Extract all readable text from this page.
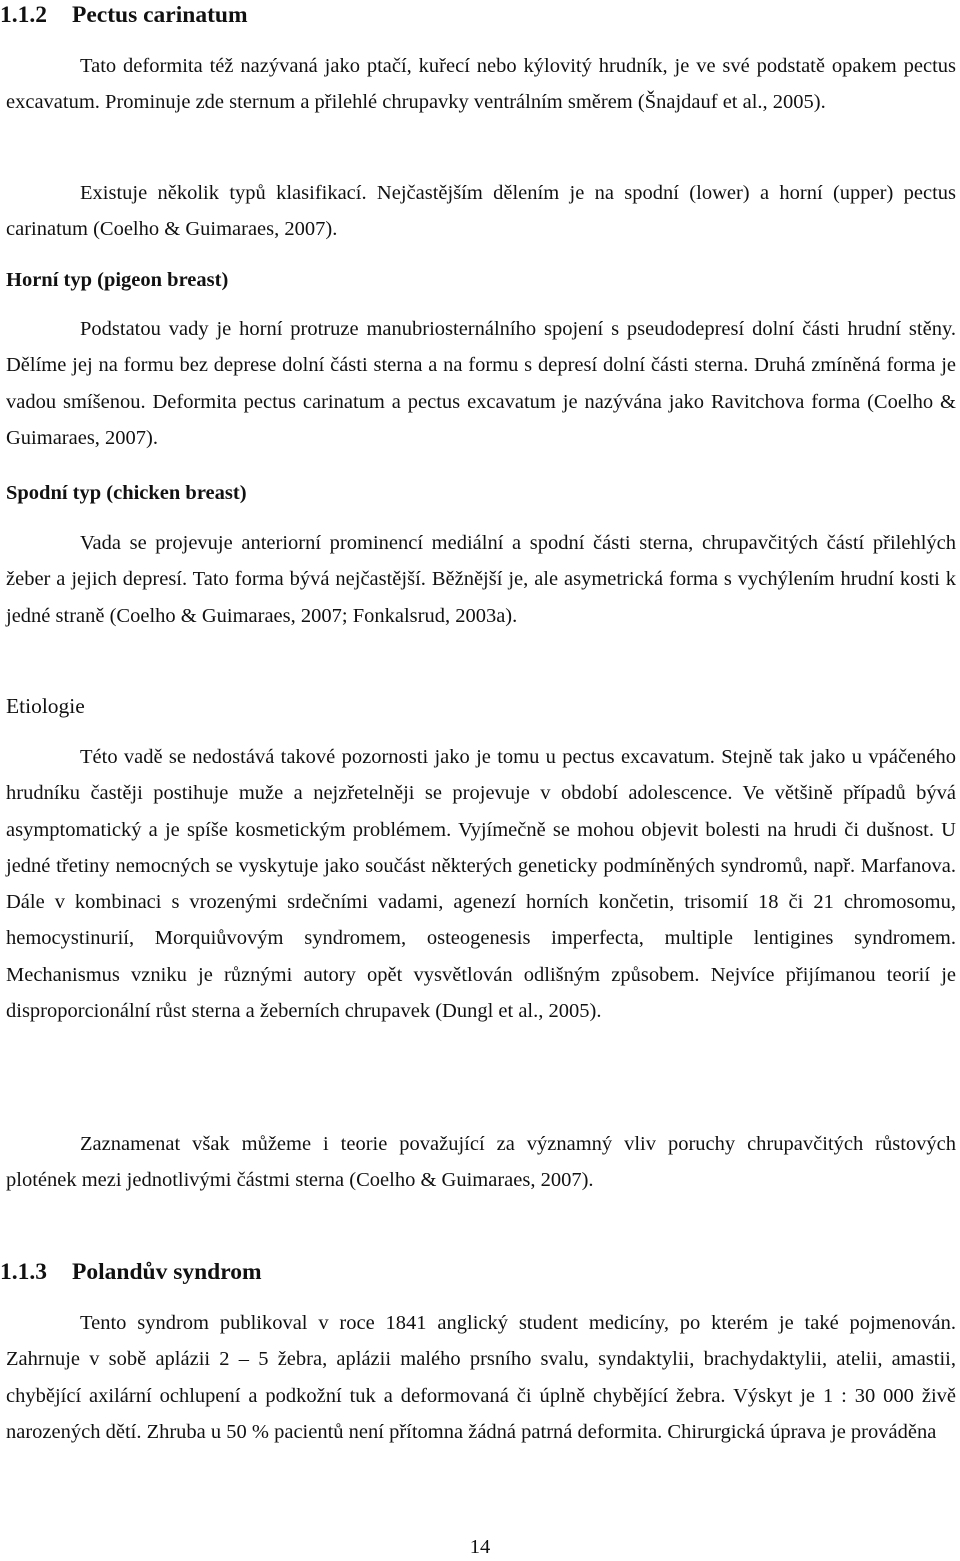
1.1.2 Pectus carinatum

Tato deformita též nazývaná jako ptačí, kuřecí nebo kýlovitý hrudník, je ve své podstatě opakem pectus excavatum. Prominuje zde sternum a přilehlé chrupavky ventrálním směrem (Šnajdauf et al., 2005).

Existuje několik typů klasifikací. Nejčastějším dělením je na spodní (lower) a horní (upper) pectus carinatum (Coelho & Guimaraes, 2007).

Horní typ (pigeon breast)

Podstatou vady je horní protruze manubriosternálního spojení s pseudodepresí dolní části hrudní stěny. Dělíme jej na formu bez deprese dolní části sterna a na formu s depresí dolní části sterna. Druhá zmíněná forma je vadou smíšenou. Deformita pectus carinatum a pectus excavatum je nazývána jako Ravitchova forma (Coelho & Guimaraes, 2007).

Spodní typ (chicken breast)

Vada se projevuje anteriorní prominencí mediální a spodní části sterna, chrupavčitých částí přilehlých žeber a jejich depresí. Tato forma bývá nejčastější. Běžnější je, ale asymetrická forma s vychýlením hrudní kosti k jedné straně (Coelho & Guimaraes, 2007; Fonkalsrud, 2003a).

Etiologie

Této vadě se nedostává takové pozornosti jako je tomu u pectus excavatum. Stejně tak jako u vpáčeného hrudníku častěji postihuje muže a nejzřetelněji se projevuje v období adolescence. Ve většině případů bývá asymptomatický a je spíše kosmetickým problémem. Vyjímečně se mohou objevit bolesti na hrudi či dušnost. U jedné třetiny nemocných se vyskytuje jako součást některých geneticky podmíněných syndromů, např. Marfanova. Dále v kombinaci s vrozenými srdečními vadami, agenezí horních končetin, trisomií 18 či 21 chromosomu, hemocystinurií, Morquiůvovým syndromem, osteogenesis imperfecta, multiple lentigines syndromem. Mechanismus vzniku je různými autory opět vysvětlován odlišným způsobem. Nejvíce přijímanou teorií je disproporcionální růst sterna a žeberních chrupavek (Dungl et al., 2005).

Zaznamenat však můžeme i teorie považující za významný vliv poruchy chrupavčitých růstových plotének mezi jednotlivými částmi sterna (Coelho & Guimaraes, 2007).

1.1.3 Polandův syndrom

Tento syndrom publikoval v roce 1841 anglický student medicíny, po kterém je také pojmenován. Zahrnuje v sobě aplázii 2 – 5 žebra, aplázii malého prsního svalu, syndaktylii, brachydaktylii, atelii, amastii, chybějící axilární ochlupení a podkožní tuk a deformovaná či úplně chybějící žebra. Výskyt je 1 : 30 000 živě narozených dětí. Zhruba u 50 % pacientů není přítomna žádná patrná deformita. Chirurgická úprava je prováděna

14
